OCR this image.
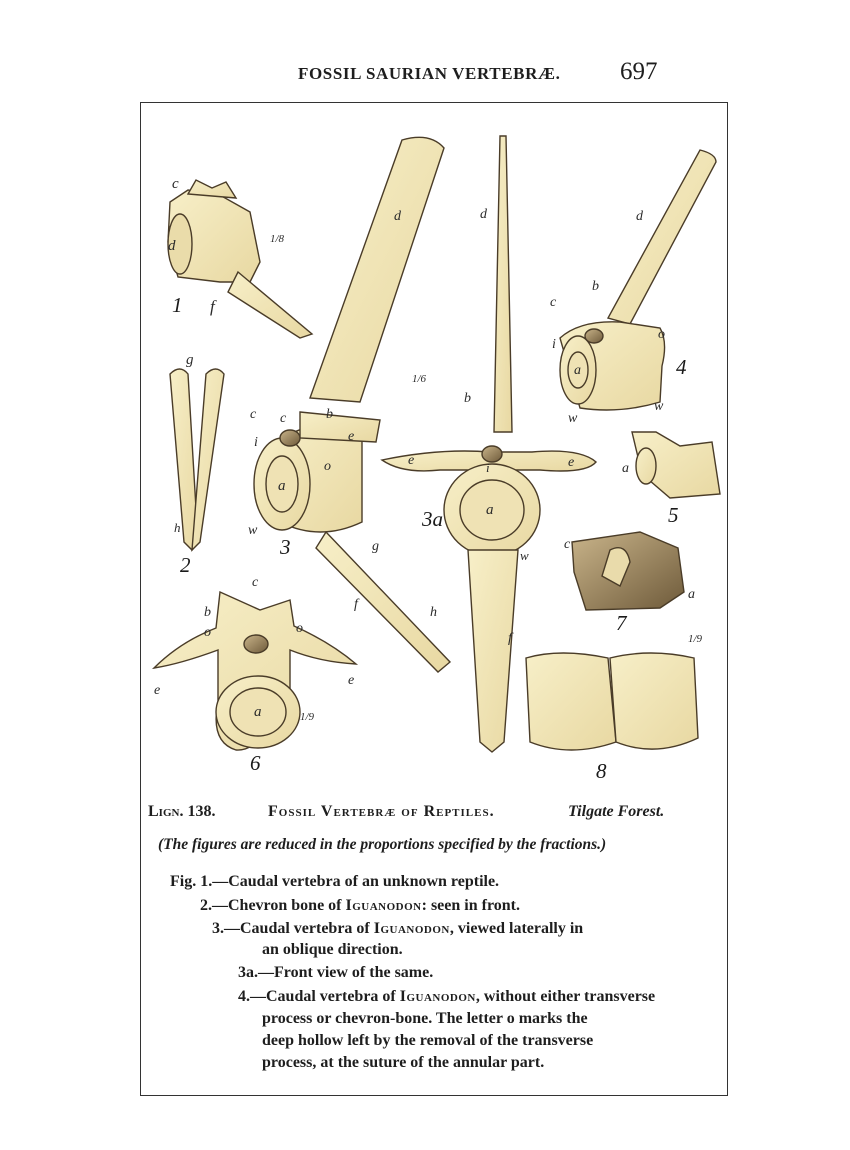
FOSSIL SAURIAN VERTEBRÆ. 697
1
c
d
f
1/8
2
g
h
3
c c	b
d
e
i
a
o
w
g
f
h
3a
1/6
d
b
e	e
i
a
w
f
4
d
b
c
i
o
a
w
w
5
a
6
c
b
o	o
e
e
a	1/9
7
c
a
8
1/9
Lign. 138.	Fossil Vertebræ of Reptiles.	Tilgate Forest.
(The figures are reduced in the proportions specified by the fractions.)
Fig. 1.—Caudal vertebra of an unknown reptile.
2.—Chevron bone of Iguanodon: seen in front.
3.—Caudal vertebra of Iguanodon, viewed laterally in
an oblique direction.
3a.—Front view of the same.
4.—Caudal vertebra of Iguanodon, without either transverse
process or chevron-bone. The letter o marks the
deep hollow left by the removal of the transverse
process, at the suture of the annular part.
